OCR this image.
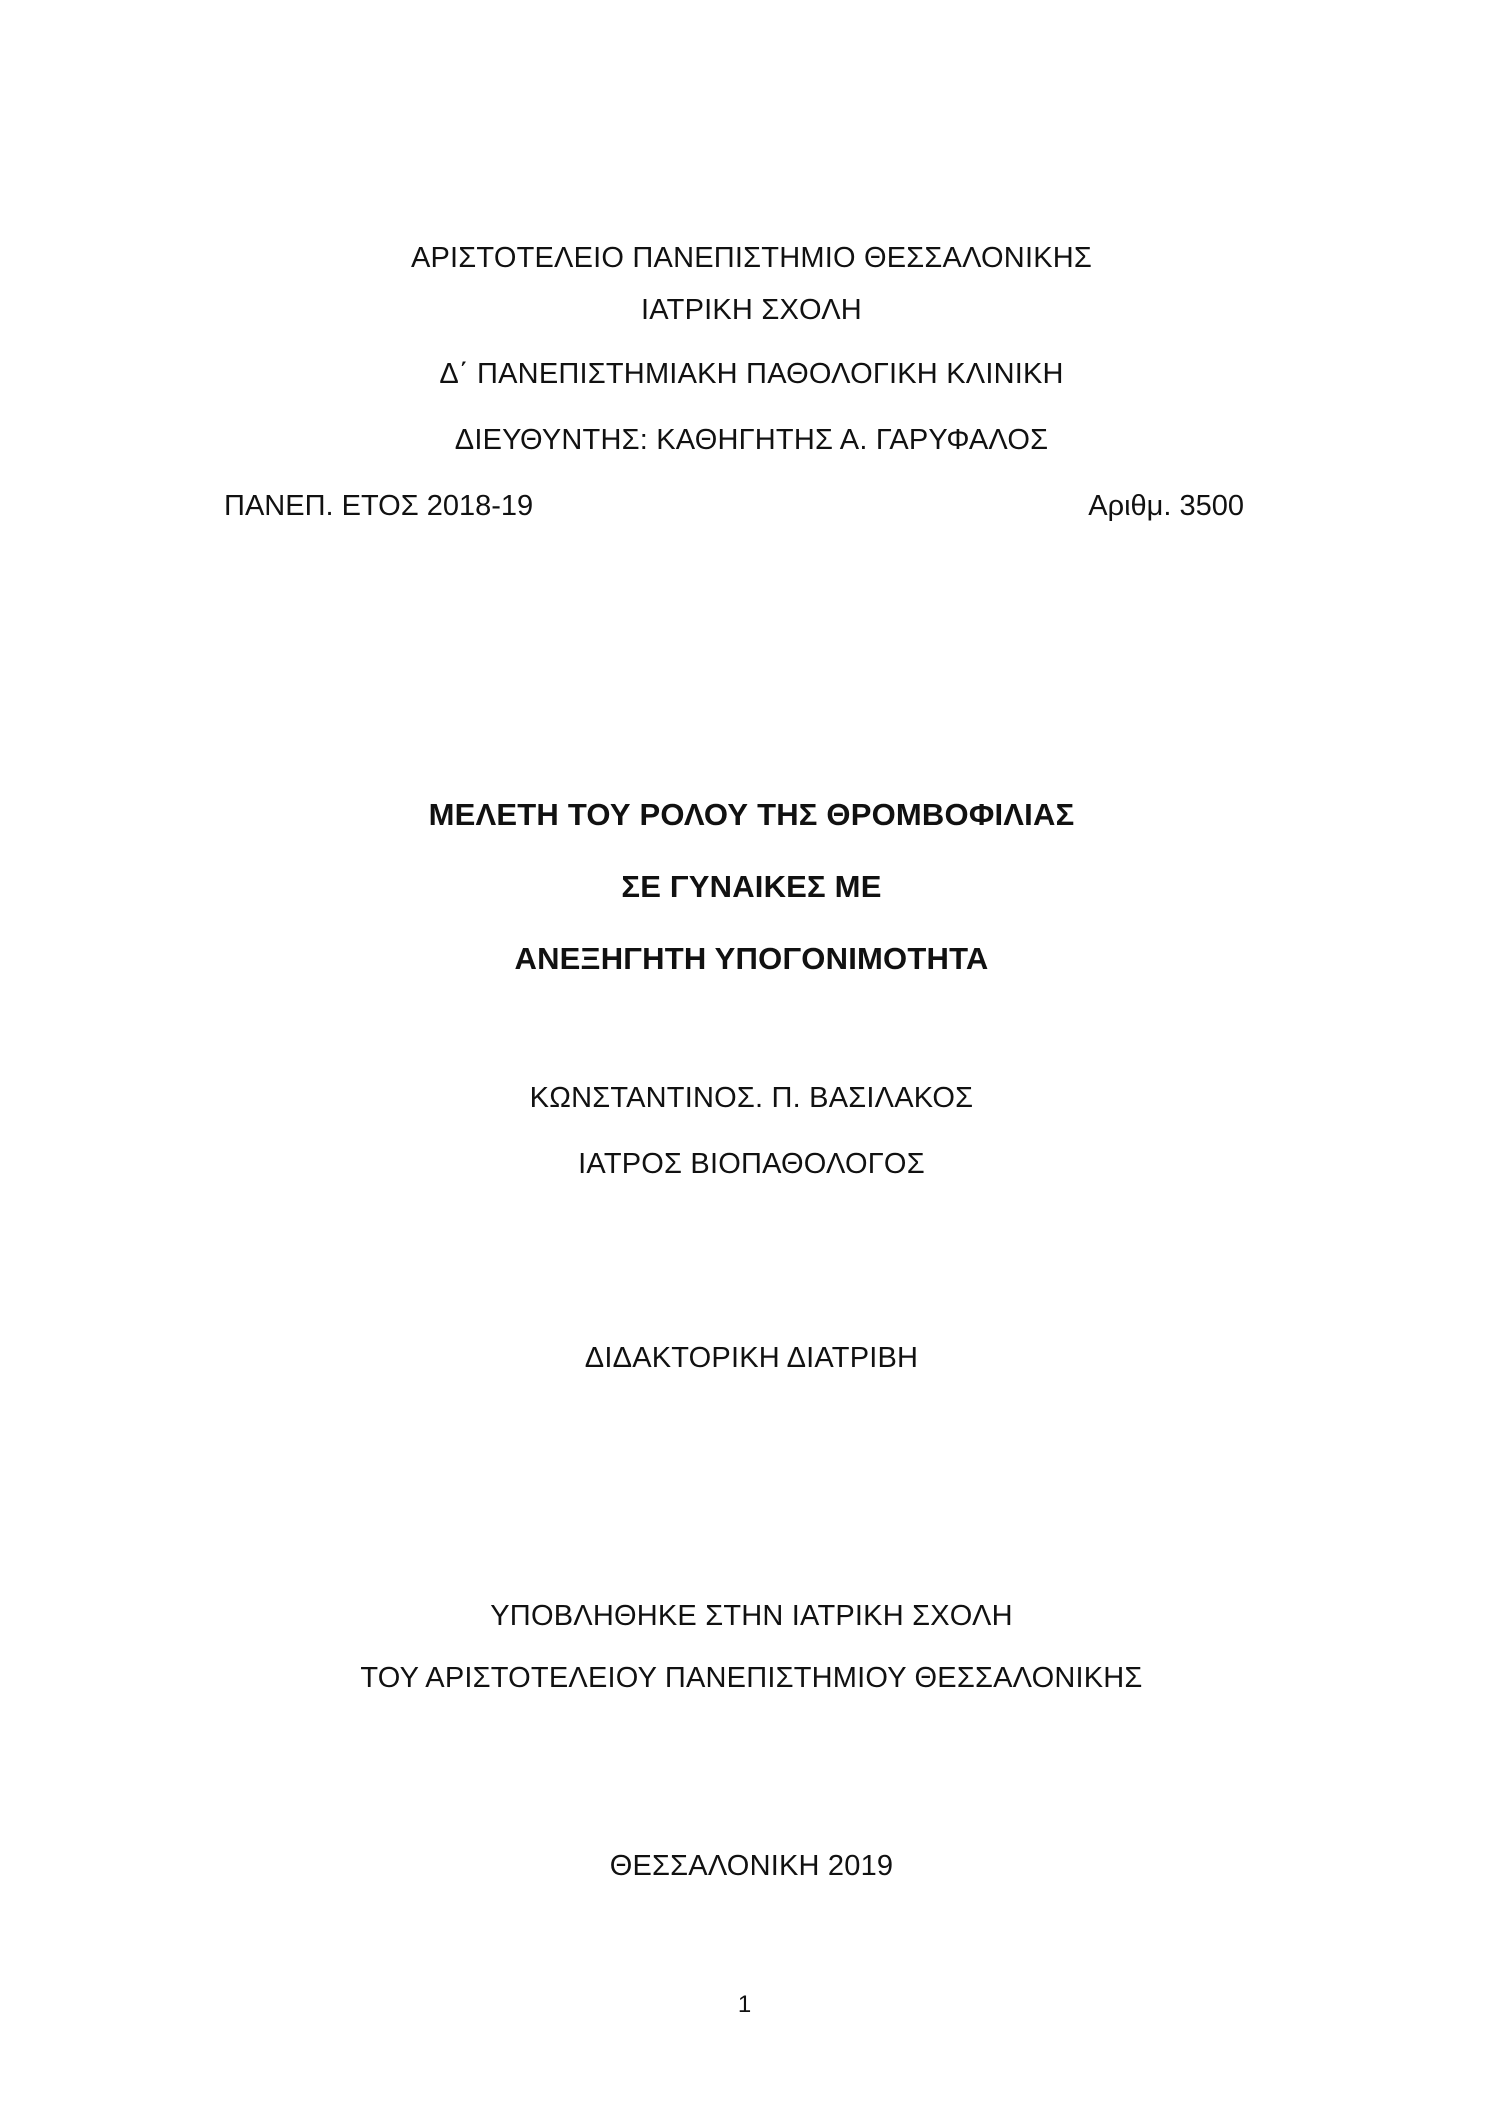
ΑΡΙΣΤΟΤΕΛΕΙΟ ΠΑΝΕΠΙΣΤΗΜΙΟ ΘΕΣΣΑΛΟΝΙΚΗΣ
ΙΑΤΡΙΚΗ ΣΧΟΛΗ
Δ΄ ΠΑΝΕΠΙΣΤΗΜΙΑΚΗ ΠΑΘΟΛΟΓΙΚΗ ΚΛΙΝΙΚΗ
ΔΙΕΥΘΥΝΤΗΣ: ΚΑΘΗΓΗΤΗΣ Α. ΓΑΡΥΦΑΛΟΣ
ΠΑΝΕΠ. ΕΤΟΣ 2018-19	Αριθμ. 3500
ΜΕΛΕΤΗ ΤΟΥ ΡΟΛΟΥ ΤΗΣ ΘΡΟΜΒΟΦΙΛΙΑΣ
ΣΕ ΓΥΝΑΙΚΕΣ ΜΕ
ΑΝΕΞΗΓΗΤΗ ΥΠΟΓΟΝΙΜΟΤΗΤΑ
ΚΩΝΣΤΑΝΤΙΝΟΣ. Π. ΒΑΣΙΛΑΚΟΣ
ΙΑΤΡΟΣ ΒΙΟΠΑΘΟΛΟΓΟΣ
ΔΙΔΑΚΤΟΡΙΚΗ ΔΙΑΤΡΙΒΗ
ΥΠΟΒΛΗΘΗΚΕ ΣΤΗΝ ΙΑΤΡΙΚΗ ΣΧΟΛΗ
ΤΟΥ ΑΡΙΣΤΟΤΕΛΕΙΟΥ ΠΑΝΕΠΙΣΤΗΜΙΟΥ ΘΕΣΣΑΛΟΝΙΚΗΣ
ΘΕΣΣΑΛΟΝΙΚΗ 2019
1
